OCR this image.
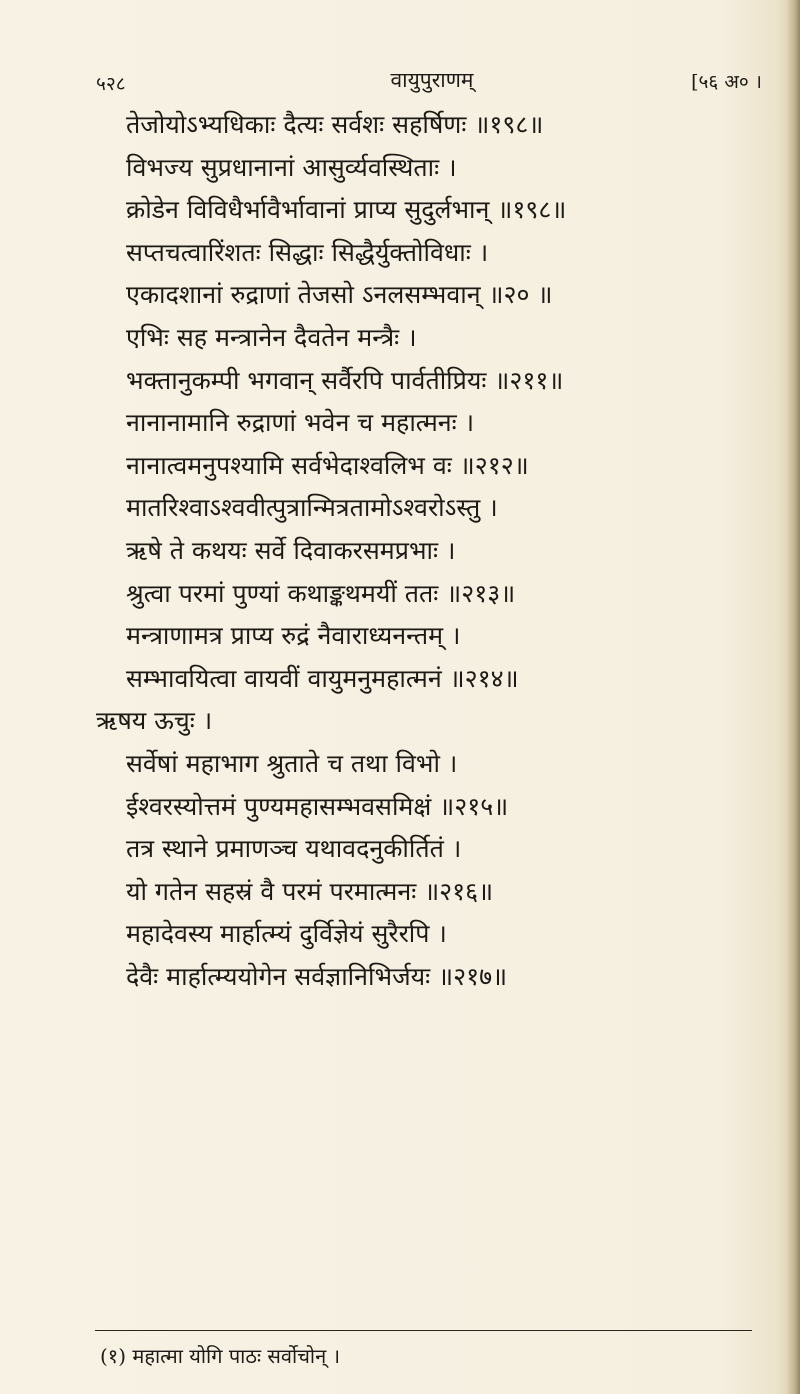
५२८	वायुपुराणम्	[५६ अ० ।
तेजोयोऽभ्यधिकाः दैत्यः सर्वशः सहर्षिणः ॥१९८॥
विभज्य सुप्रधानानां आसुर्व्यवस्थिताः ।
क्रोडेन विविधैर्भावैर्भावानां प्राप्य सुदुर्लभान् ॥१९८॥
सप्तचत्वारिंशतः सिद्धाः सिद्धैर्युक्तोविधाः ।
एकादशानां रुद्राणां तेजसो ऽनलसम्भवान् ॥२० ॥
एभिः सह मन्त्रानेन दैवतेन मन्त्रैः ।
भक्तानुकम्पी भगवान् सर्वैरपि पार्वतीप्रियः ॥२११॥
नानानामानि रुद्राणां भवेन च महात्मनः ।
नानात्वमनुपश्यामि सर्वभेदाश्वलिभ वः ॥२१२॥
मातरिश्वाऽश्ववीत्पुत्रान्मित्रतामोऽश्वरोऽस्तु ।
ऋषे ते कथयः सर्वे दिवाकरसमप्रभाः ।
श्रुत्वा परमां पुण्यां कथाङ्कथमयीं ततः ॥२१३॥
मन्त्राणामत्र प्राप्य रुद्रं नैवाराध्यनन्तम् ।
सम्भावयित्वा वायवीं वायुमनुमहात्मनं ॥२१४॥
ऋषय ऊचुः ।
सर्वेषां महाभाग श्रुताते च तथा विभो ।
ईश्वरस्योत्तमं पुण्यमहासम्भवसमिक्षं ॥२१५॥
तत्र स्थाने प्रमाणञ्च यथावदनुकीर्तितं ।
यो गतेन सहस्रं वै परमं परमात्मनः ॥२१६॥
महादेवस्य मार्हात्म्यं दुर्विज्ञेयं सुरैरपि ।
देवैः मार्हात्म्ययोगेन सर्वज्ञानिभिर्जयः ॥२१७॥
(१) महात्मा योगि पाठः सर्वोचोन् ।
